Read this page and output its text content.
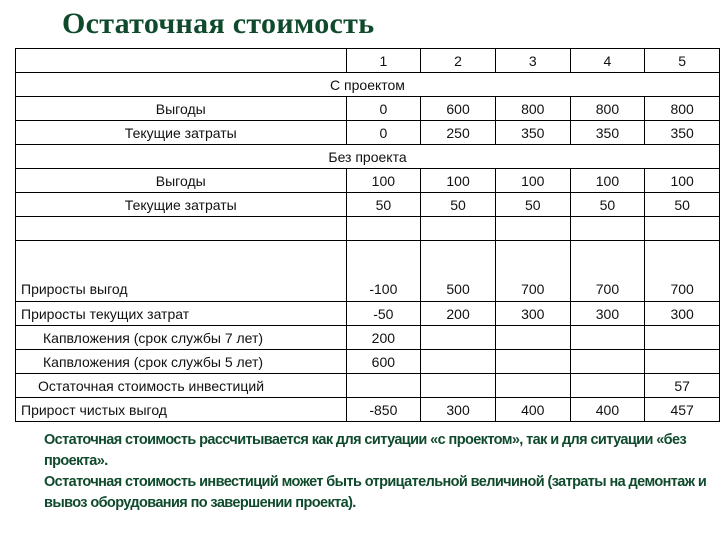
Остаточная стоимость
	1	2	3	4	5
С проектом					
Выгоды	0	600	800	800	800
Текущие затраты	0	250	350	350	350
Без проекта					
Выгоды	100	100	100	100	100
Текущие затраты	50	50	50	50	50

Приросты выгод	-100	500	700	700	700
Приросты текущих затрат	-50	200	300	300	300
Капвложения (срок службы 7 лет)	200				
Капвложения (срок службы 5 лет)	600				
Остаточная стоимость инвестиций					57
Прирост чистых выгод	-850	300	400	400	457

Остаточная стоимость рассчитывается как для ситуации «с проектом», так и для ситуации «без проекта».

Остаточная стоимость инвестиций может быть отрицательной величиной (затраты на демонтаж и вывоз оборудования по завершении проекта).
